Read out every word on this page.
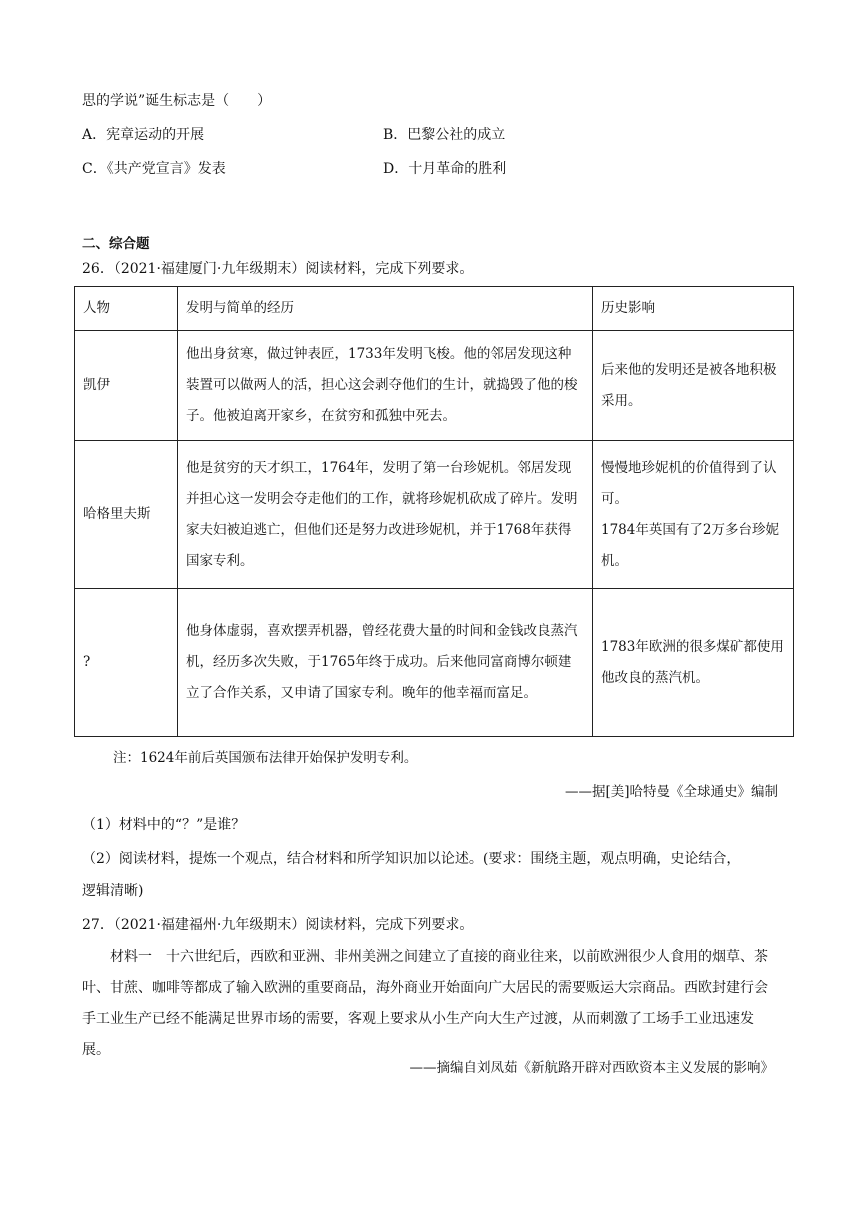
思的学说”诞生标志是（　　）
A．宪章运动的开展	B．巴黎公社的成立
C．《共产党宣言》发表	D．十月革命的胜利
二、综合题
26．（2021·福建厦门·九年级期末）阅读材料，完成下列要求。
人物	发明与简单的经历	历史影响
凯伊	他出身贫寒，做过钟表匠，1733年发明飞梭。他的邻居发现这种装置可以做两人的活，担心这会剥夺他们的生计，就捣毁了他的梭子。他被迫离开家乡，在贫穷和孤独中死去。	后来他的发明还是被各地积极采用。

哈格里夫斯	他是贫穷的天才织工，1764年，发明了第一台珍妮机。邻居发现并担心这一发明会夺走他们的工作，就将珍妮机砍成了碎片。发明家夫妇被迫逃亡，但他们还是努力改进珍妮机，并于1768年获得国家专利。	慢慢地珍妮机的价值得到了认可。
1784年英国有了2万多台珍妮机。

?	他身体虚弱，喜欢摆弄机器，曾经花费大量的时间和金钱改良蒸汽机，经历多次失败，于1765年终于成功。后来他同富商博尔顿建立了合作关系，又申请了国家专利。晚年的他幸福而富足。	1783年欧洲的很多煤矿都使用他改良的蒸汽机。
注：1624年前后英国颁布法律开始保护发明专利。
——据[美]哈特曼《全球通史》编制
（1）材料中的“？”是谁？
（2）阅读材料，提炼一个观点，结合材料和所学知识加以论述。(要求：围绕主题，观点明确，史论结合，
逻辑清晰)
27．（2021·福建福州·九年级期末）阅读材料，完成下列要求。
材料一　十六世纪后，西欧和亚洲、非州美洲之间建立了直接的商业往来，以前欧洲很少人食用的烟草、茶叶、甘蔗、咖啡等都成了输入欧洲的重要商品，海外商业开始面向广大居民的需要贩运大宗商品。西欧封建行会手工业生产已经不能满足世界市场的需要，客观上要求从小生产向大生产过渡，从而刺激了工场手工业迅速发展。
——摘编自刘凤茹《新航路开辟对西欧资本主义发展的影响》
